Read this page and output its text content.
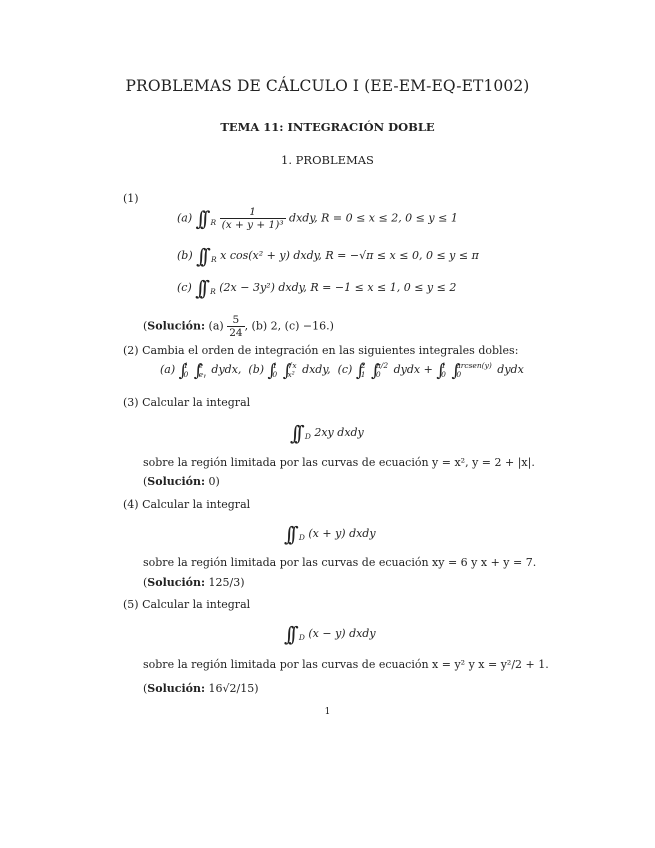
PROBLEMAS DE CÁLCULO I (EE-EM-EQ-ET1002)
TEMA 11: INTEGRACIÓN DOBLE
1. PROBLEMAS
(1)
(a) ∫∫ $_R \frac{1}{\text{(x + y + 1)³}}$ dxdy, R = 0 ≤ x ≤ 2, 0 ≤ y ≤ 1
(b) ∫∫ $_R$ x cos(x² + y) dxdy, R = −√π ≤ x ≤ 0, 0 ≤ y ≤ π
(c) ∫∫ $_R$ (2x − 3y²) dxdy, R = −1 ≤ x ≤ 1, 0 ≤ y ≤ 2
(Solución: $(a) \frac{5}{24}$ , (b) 2, (c) −16.)
(2) Cambia el orden de integración en las siguientes integrales dobles:
(a) ∫ 1
0 ∫ e
eᵧ dydx, (b) ∫ 1
0 ∫ √x
x² dxdy, (c) ∫ 2
1 ∫ π/2
0	dydx + ∫ 1
0 ∫ arcsen(y)
0	dydx
(3) Calcular la integral
∫∫ $_D$ 2xy dxdy
sobre la región limitada por las curvas de ecuación y = x², y = 2 + |x|.
(Solución: 0)
(4) Calcular la integral
∫∫ $_D$ (x + y) dxdy
sobre la región limitada por las curvas de ecuación xy = 6 y x + y = 7.
(Solución: 125/3)
(5) Calcular la integral
∫∫ $_D$ (x − y) dxdy
sobre la región limitada por las curvas de ecuación x = y² y x = y²/2 + 1.
(Solución: 16√2/15)
1
